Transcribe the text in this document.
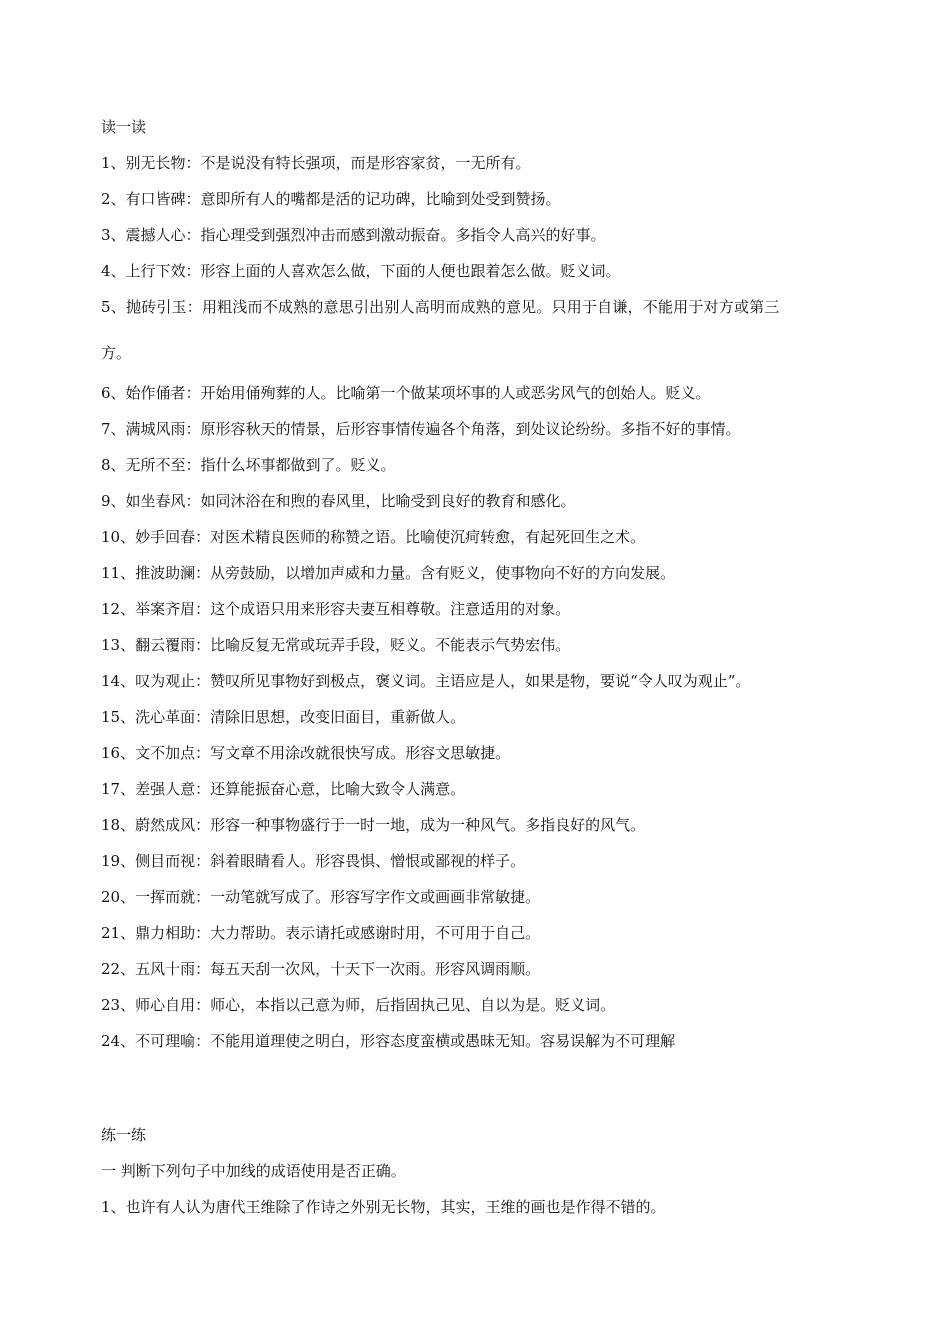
读一读

1、别无长物：不是说没有特长强项，而是形容家贫，一无所有。

2、有口皆碑：意即所有人的嘴都是活的记功碑，比喻到处受到赞扬。

3、震撼人心：指心理受到强烈冲击而感到激动振奋。多指令人高兴的好事。

4、上行下效：形容上面的人喜欢怎么做，下面的人便也跟着怎么做。贬义词。

5、抛砖引玉：用粗浅而不成熟的意思引出别人高明而成熟的意见。只用于自谦，不能用于对方或第三

方。

6、始作俑者：开始用俑殉葬的人。比喻第一个做某项坏事的人或恶劣风气的创始人。贬义。

7、满城风雨：原形容秋天的情景，后形容事情传遍各个角落，到处议论纷纷。多指不好的事情。

8、无所不至：指什么坏事都做到了。贬义。

9、如坐春风：如同沐浴在和煦的春风里，比喻受到良好的教育和感化。

10、妙手回春：对医术精良医师的称赞之语。比喻使沉疴转愈，有起死回生之术。

11、推波助澜：从旁鼓励，以增加声威和力量。含有贬义，使事物向不好的方向发展。

12、举案齐眉：这个成语只用来形容夫妻互相尊敬。注意适用的对象。

13、翻云覆雨：比喻反复无常或玩弄手段，贬义。不能表示气势宏伟。

14、叹为观止：赞叹所见事物好到极点，褒义词。主语应是人，如果是物，要说“令人叹为观止”。

15、洗心革面：清除旧思想，改变旧面目，重新做人。

16、文不加点：写文章不用涂改就很快写成。形容文思敏捷。

17、差强人意：还算能振奋心意，比喻大致令人满意。

18、蔚然成风：形容一种事物盛行于一时一地，成为一种风气。多指良好的风气。

19、侧目而视：斜着眼睛看人。形容畏惧、憎恨或鄙视的样子。

20、一挥而就：一动笔就写成了。形容写字作文或画画非常敏捷。

21、鼎力相助：大力帮助。表示请托或感谢时用，不可用于自己。

22、五风十雨：每五天刮一次风，十天下一次雨。形容风调雨顺。

23、师心自用：师心，本指以己意为师，后指固执己见、自以为是。贬义词。

24、不可理喻：不能用道理使之明白，形容态度蛮横或愚昧无知。容易误解为不可理解

练一练

一 判断下列句子中加线的成语使用是否正确。

1、也许有人认为唐代王维除了作诗之外别无长物，其实，王维的画也是作得不错的。
